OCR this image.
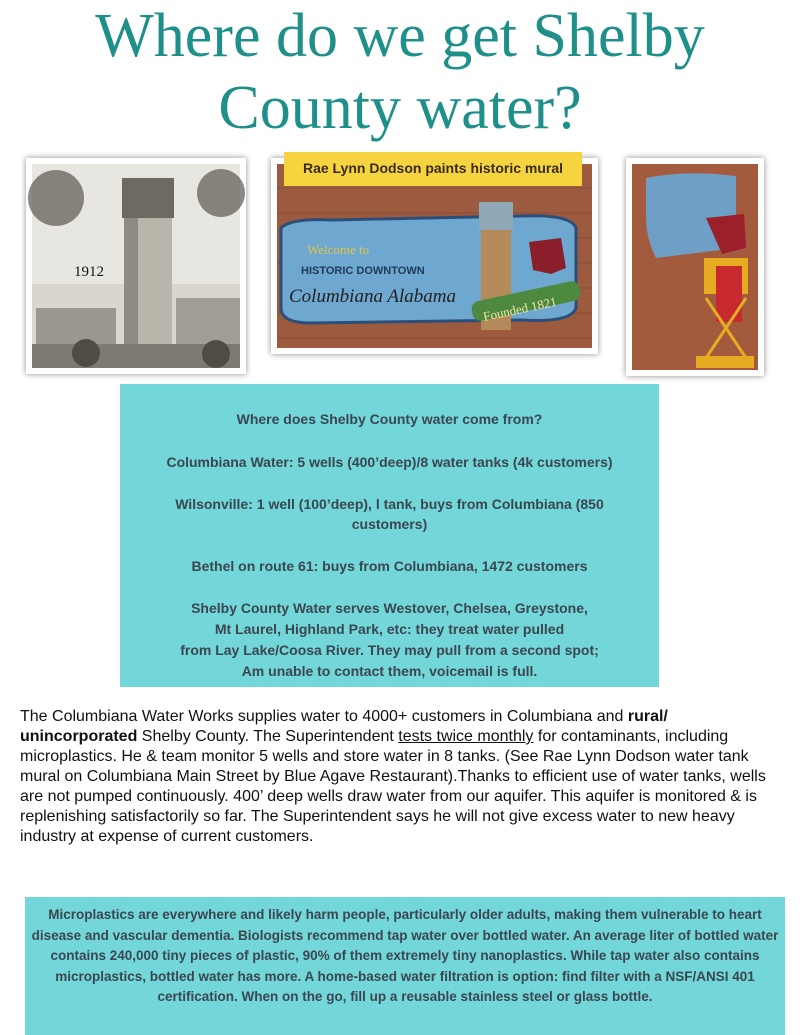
Where do we get Shelby
County water?
1912
Welcome to
HISTORIC DOWNTOWN
Columbiana Alabama Founded 1821
Rae Lynn Dodson paints historic mural

Where does Shelby County water come from?

Columbiana Water: 5 wells (400’deep)/8 water tanks (4k customers)

Wilsonville: 1 well (100’deep), l tank, buys from Columbiana (850

customers)

Bethel on route 61: buys from Columbiana, 1472 customers

Shelby County Water serves Westover, Chelsea, Greystone,

Mt Laurel, Highland Park, etc: they treat water pulled

from Lay Lake/Coosa River. They may pull from a second spot;

Am unable to contact them, voicemail is full.

The Columbiana Water Works supplies water to 4000+ customers in Columbiana and rural/ unincorporated Shelby County. The Superintendent tests twice monthly for contaminants, including microplastics. He & team monitor 5 wells and store water in 8 tanks. (See Rae Lynn Dodson water tank mural on Columbiana Main Street by Blue Agave Restaurant).Thanks to efficient use of water tanks, wells are not pumped continuously. 400’ deep wells draw water from our aquifer. This aquifer is monitored & is replenishing satisfactorily so far. The Superintendent says he will not give excess water to new heavy industry at expense of current customers.

Microplastics are everywhere and likely harm people, particularly older adults, making them vulnerable to heart disease and vascular dementia. Biologists recommend tap water over bottled water. An average liter of bottled water contains 240,000 tiny pieces of plastic, 90% of them extremely tiny nanoplastics. While tap water also contains microplastics, bottled water has more. A home-based water filtration is option: find filter with a NSF/ANSI 401 certification. When on the go, fill up a reusable stainless steel or glass bottle.
